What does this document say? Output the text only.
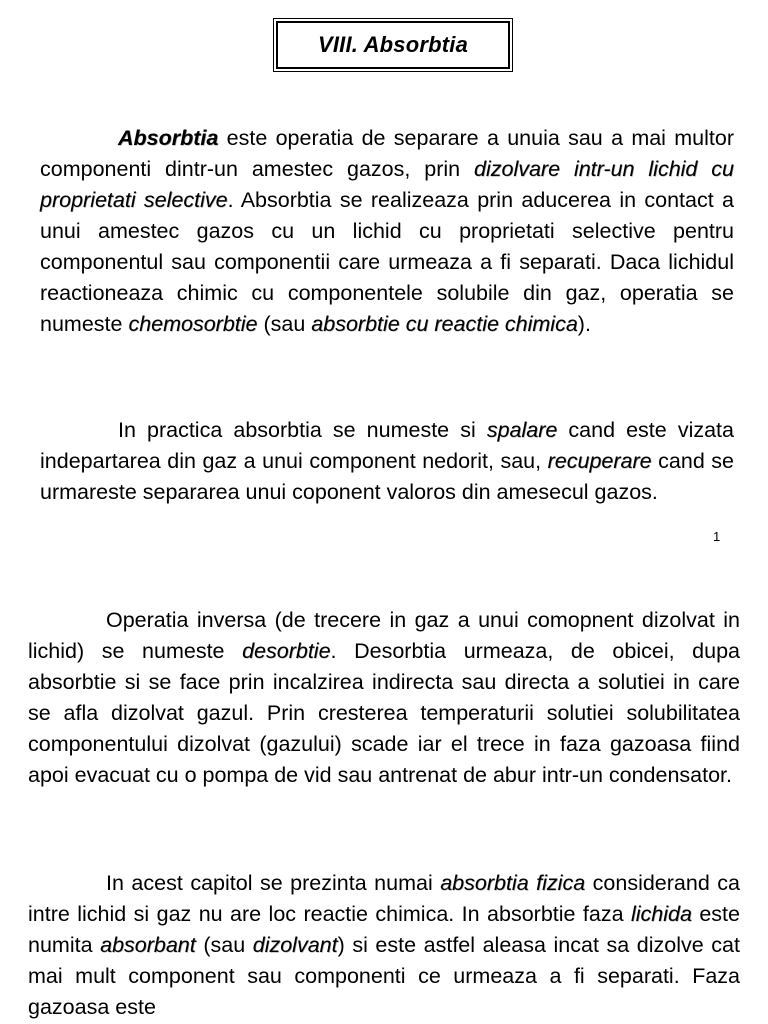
VIII. Absorbtia

Absorbtia este operatia de separare a unuia sau a mai multor componenti dintr-un amestec gazos, prin dizolvare intr-un lichid cu proprietati selective. Absorbtia se realizeaza prin aducerea in contact a unui amestec gazos cu un lichid cu proprietati selective pentru componentul sau componentii care urmeaza a fi separati. Daca lichidul reactioneaza chimic cu componentele solubile din gaz, operatia se numeste chemosorbtie (sau absorbtie cu reactie chimica).

In practica absorbtia se numeste si spalare cand este vizata indepartarea din gaz a unui component nedorit, sau, recuperare cand se urmareste separarea unui coponent valoros din amesecul gazos.

1

Operatia inversa (de trecere in gaz a unui comopnent dizolvat in lichid) se numeste desorbtie. Desorbtia urmeaza, de obicei, dupa absorbtie si se face prin incalzirea indirecta sau directa a solutiei in care se afla dizolvat gazul. Prin cresterea temperaturii solutiei solubilitatea componentului dizolvat (gazului) scade iar el trece in faza gazoasa fiind apoi evacuat cu o pompa de vid sau antrenat de abur intr-un condensator.

In acest capitol se prezinta numai absorbtia fizica considerand ca intre lichid si gaz nu are loc reactie chimica. In absorbtie faza lichida este numita absorbant (sau dizolvant) si este astfel aleasa incat sa dizolve cat mai mult component sau componenti ce urmeaza a fi separati. Faza gazoasa este
